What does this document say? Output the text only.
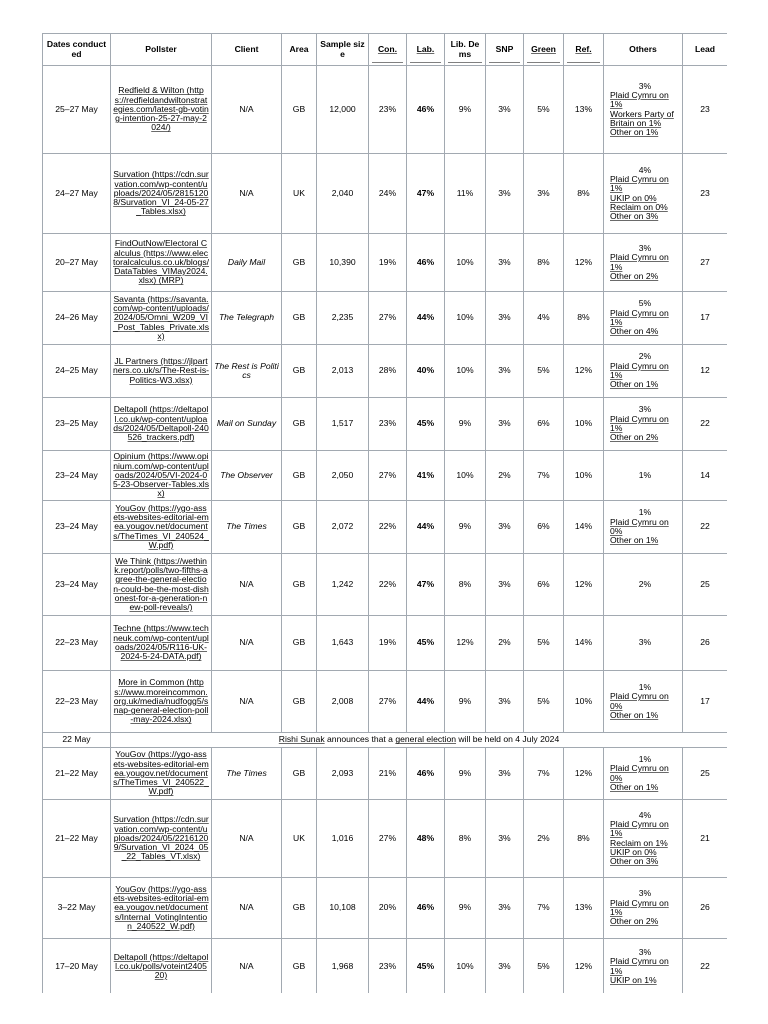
Dates conducted	Pollster	Client	Area	Sample size	Con.	Lab.	Lib. Dems	SNP	Green	Ref.	Others	Lead
25–27 May	Redfield & Wilton (https://redfieldandwiltonstrategies.com/latest-gb-voting-intention-25-27-may-2024/)	N/A	GB	12,000	23%	46%	9%	3%	5%	13%	3%
Plaid Cymru on 1%
Workers Party of Britain on 1%
Other on 1%	23
24–27 May	Survation (https://cdn.survation.com/wp-content/uploads/2024/05/28151208/Survation_VI_24-05-27_Tables.xlsx)	N/A	UK	2,040	24%	47%	11%	3%	3%	8%	4%
Plaid Cymru on 1%
UKIP on 0%
Reclaim on 0%
Other on 3%	23
20–27 May	FindOutNow/Electoral Calculus (https://www.electoralcalculus.co.uk/blogs/DataTables_VIMay2024.xlsx) (MRP)	Daily Mail	GB	10,390	19%	46%	10%	3%	8%	12%	3%
Plaid Cymru on 1%
Other on 2%	27
24–26 May	Savanta (https://savanta.com/wp-content/uploads/2024/05/Omni_W209_VI_Post_Tables_Private.xlsx)	The Telegraph	GB	2,235	27%	44%	10%	3%	4%	8%	5%
Plaid Cymru on 1%
Other on 4%	17
24–25 May	JL Partners (https://jlpartners.co.uk/s/The-Rest-is-Politics-W3.xlsx)	The Rest is Politics	GB	2,013	28%	40%	10%	3%	5%	12%	2%
Plaid Cymru on 1%
Other on 1%	12
23–25 May	Deltapoll (https://deltapoll.co.uk/wp-content/uploads/2024/05/Deltapoll-240526_trackers.pdf)	Mail on Sunday	GB	1,517	23%	45%	9%	3%	6%	10%	3%
Plaid Cymru on 1%
Other on 2%	22
23–24 May	Opinium (https://www.opinium.com/wp-content/uploads/2024/05/VI-2024-05-23-Observer-Tables.xlsx)	The Observer	GB	2,050	27%	41%	10%	2%	7%	10%	1%	14
23–24 May	YouGov (https://ygo-assets-websites-editorial-emea.yougov.net/documents/TheTimes_VI_240524_W.pdf)	The Times	GB	2,072	22%	44%	9%	3%	6%	14%	1%
Plaid Cymru on 0%
Other on 1%	22
23–24 May	We Think (https://wethink.report/polls/two-fifths-agree-the-general-election-could-be-the-most-dishonest-for-a-generation-new-poll-reveals/)	N/A	GB	1,242	22%	47%	8%	3%	6%	12%	2%	25
22–23 May	Techne (https://www.techneuk.com/wp-content/uploads/2024/05/R116-UK-2024-5-24-DATA.pdf)	N/A	GB	1,643	19%	45%	12%	2%	5%	14%	3%	26
22–23 May	More in Common (https://www.moreincommon.org.uk/media/nudfogg5/snap-general-election-poll-may-2024.xlsx)	N/A	GB	2,008	27%	44%	9%	3%	5%	10%	1%
Plaid Cymru on 0%
Other on 1%	17
22 May	Rishi Sunak announces that a general election will be held on 4 July 2024											
21–22 May	YouGov (https://ygo-assets-websites-editorial-emea.yougov.net/documents/TheTimes_VI_240522_W.pdf)	The Times	GB	2,093	21%	46%	9%	3%	7%	12%	1%
Plaid Cymru on 0%
Other on 1%	25
21–22 May	Survation (https://cdn.survation.com/wp-content/uploads/2024/05/22161209/Survation_VI_2024_05_22_Tables_VT.xlsx)	N/A	UK	1,016	27%	48%	8%	3%	2%	8%	4%
Plaid Cymru on 1%
Reclaim on 1%
UKIP on 0%
Other on 3%	21
3–22 May	YouGov (https://ygo-assets-websites-editorial-emea.yougov.net/documents/Internal_VotingIntention_240522_W.pdf)	N/A	GB	10,108	20%	46%	9%	3%	7%	13%	3%
Plaid Cymru on 1%
Other on 2%	26
17–20 May	Deltapoll (https://deltapoll.co.uk/polls/voteint240520)	N/A	GB	1,968	23%	45%	10%	3%	5%	12%	3%
Plaid Cymru on 1%
UKIP on 1%	22
